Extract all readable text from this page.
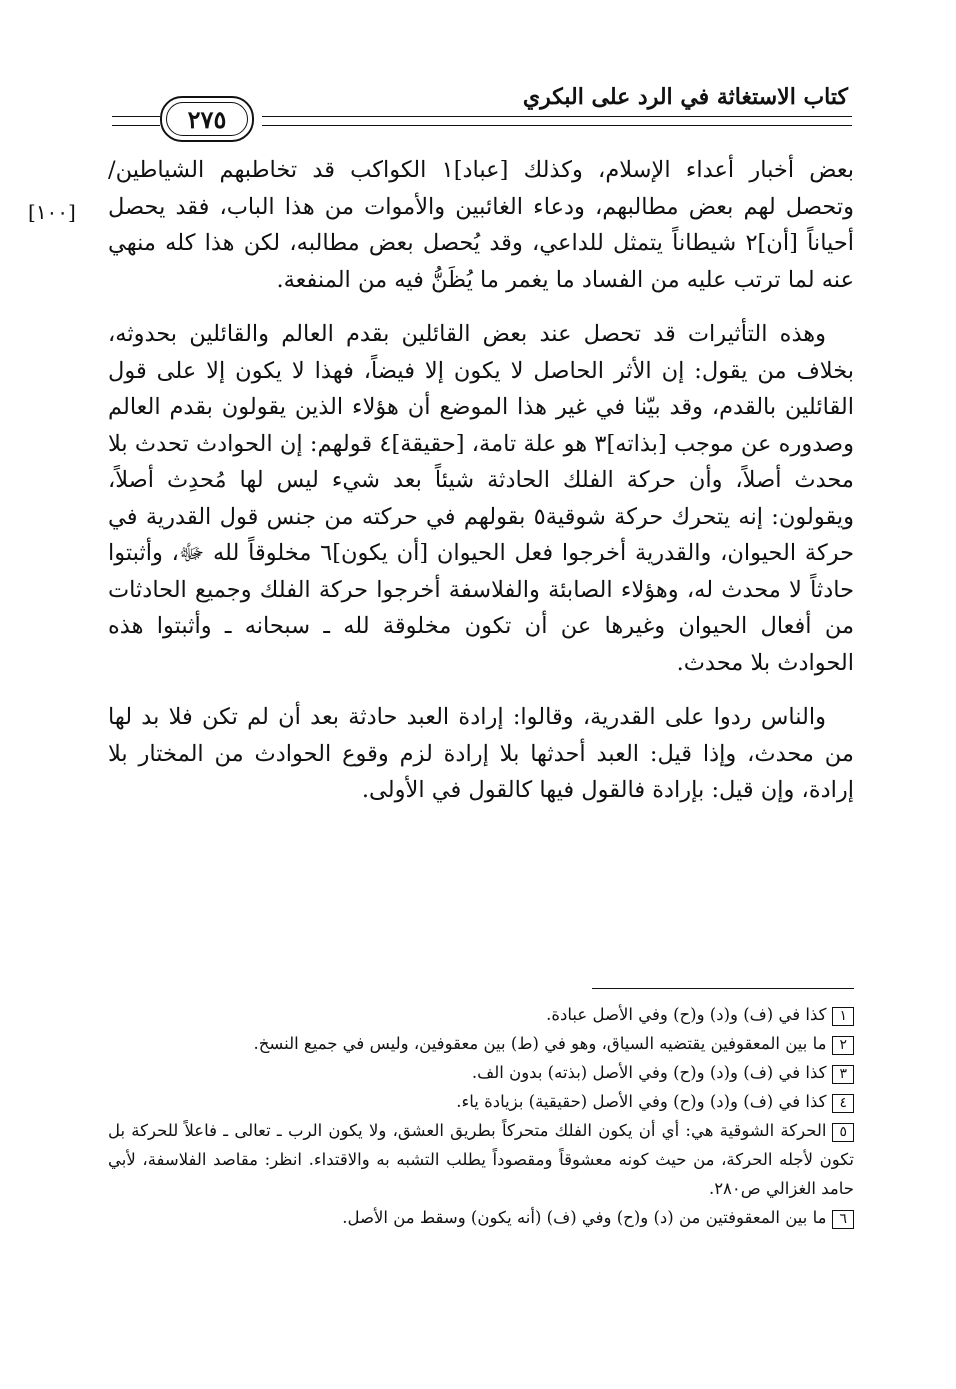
كتاب الاستغاثة في الرد على البكري
٢٧٥
[١٠٠]

بعض أخبار أعداء الإسلام، وكذلك [عباد]١ الكواكب قد تخاطبهم الشياطين/ وتحصل لهم بعض مطالبهم، ودعاء الغائبين والأموات من هذا الباب، فقد يحصل أحياناً [أن]٢ شيطاناً يتمثل للداعي، وقد يُحصل بعض مطالبه، لكن هذا كله منهي عنه لما ترتب عليه من الفساد ما يغمر ما يُظَنُّ فيه من المنفعة.

وهذه التأثيرات قد تحصل عند بعض القائلين بقدم العالم والقائلين بحدوثه، بخلاف من يقول: إن الأثر الحاصل لا يكون إلا فيضاً، فهذا لا يكون إلا على قول القائلين بالقدم، وقد بيّنا في غير هذا الموضع أن هؤلاء الذين يقولون بقدم العالم وصدوره عن موجب [بذاته]٣ هو علة تامة، [حقيقة]٤ قولهم: إن الحوادث تحدث بلا محدث أصلاً، وأن حركة الفلك الحادثة شيئاً بعد شيء ليس لها مُحدِث أصلاً، ويقولون: إنه يتحرك حركة شوقية٥ بقولهم في حركته من جنس قول القدرية في حركة الحيوان، والقدرية أخرجوا فعل الحيوان [أن يكون]٦ مخلوقاً لله ﷻ، وأثبتوا حادثاً لا محدث له، وهؤلاء الصابئة والفلاسفة أخرجوا حركة الفلك وجميع الحادثات من أفعال الحيوان وغيرها عن أن تكون مخلوقة لله ـ سبحانه ـ وأثبتوا هذه الحوادث بلا محدث.

والناس ردوا على القدرية، وقالوا: إرادة العبد حادثة بعد أن لم تكن فلا بد لها من محدث، وإذا قيل: العبد أحدثها بلا إرادة لزم وقوع الحوادث من المختار بلا إرادة، وإن قيل: بإرادة فالقول فيها كالقول في الأولى.

١كذا في (ف) و(د) و(ح) وفي الأصل عبادة.

٢ما بين المعقوفين يقتضيه السياق، وهو في (ط) بين معقوفين، وليس في جميع النسخ.

٣كذا في (ف) و(د) و(ح) وفي الأصل (بذته) بدون الف.

٤كذا في (ف) و(د) و(ح) وفي الأصل (حقيقية) بزيادة ياء.

٥الحركة الشوقية هي: أي أن يكون الفلك متحركاً بطريق العشق، ولا يكون الرب ـ تعالى ـ فاعلاً للحركة بل تكون لأجله الحركة، من حيث كونه معشوقاً ومقصوداً يطلب التشبه به والاقتداء. انظر: مقاصد الفلاسفة، لأبي حامد الغزالي ص٢٨٠.

٦ما بين المعقوفتين من (د) و(ح) وفي (ف) (أنه يكون) وسقط من الأصل.
